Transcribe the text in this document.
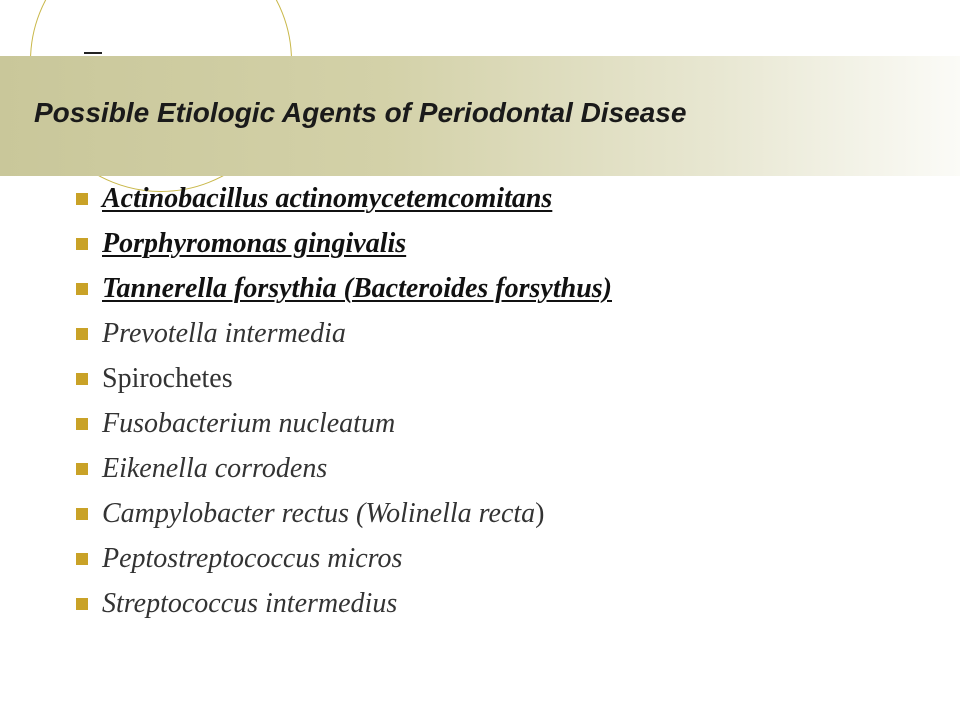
Possible Etiologic Agents of Periodontal Disease
Actinobacillus actinomycetemcomitans
Porphyromonas gingivalis
Tannerella forsythia (Bacteroides forsythus)
Prevotella intermedia
Spirochetes
Fusobacterium nucleatum
Eikenella corrodens
Campylobacter rectus (Wolinella recta)
Peptostreptococcus micros
Streptococcus intermedius
